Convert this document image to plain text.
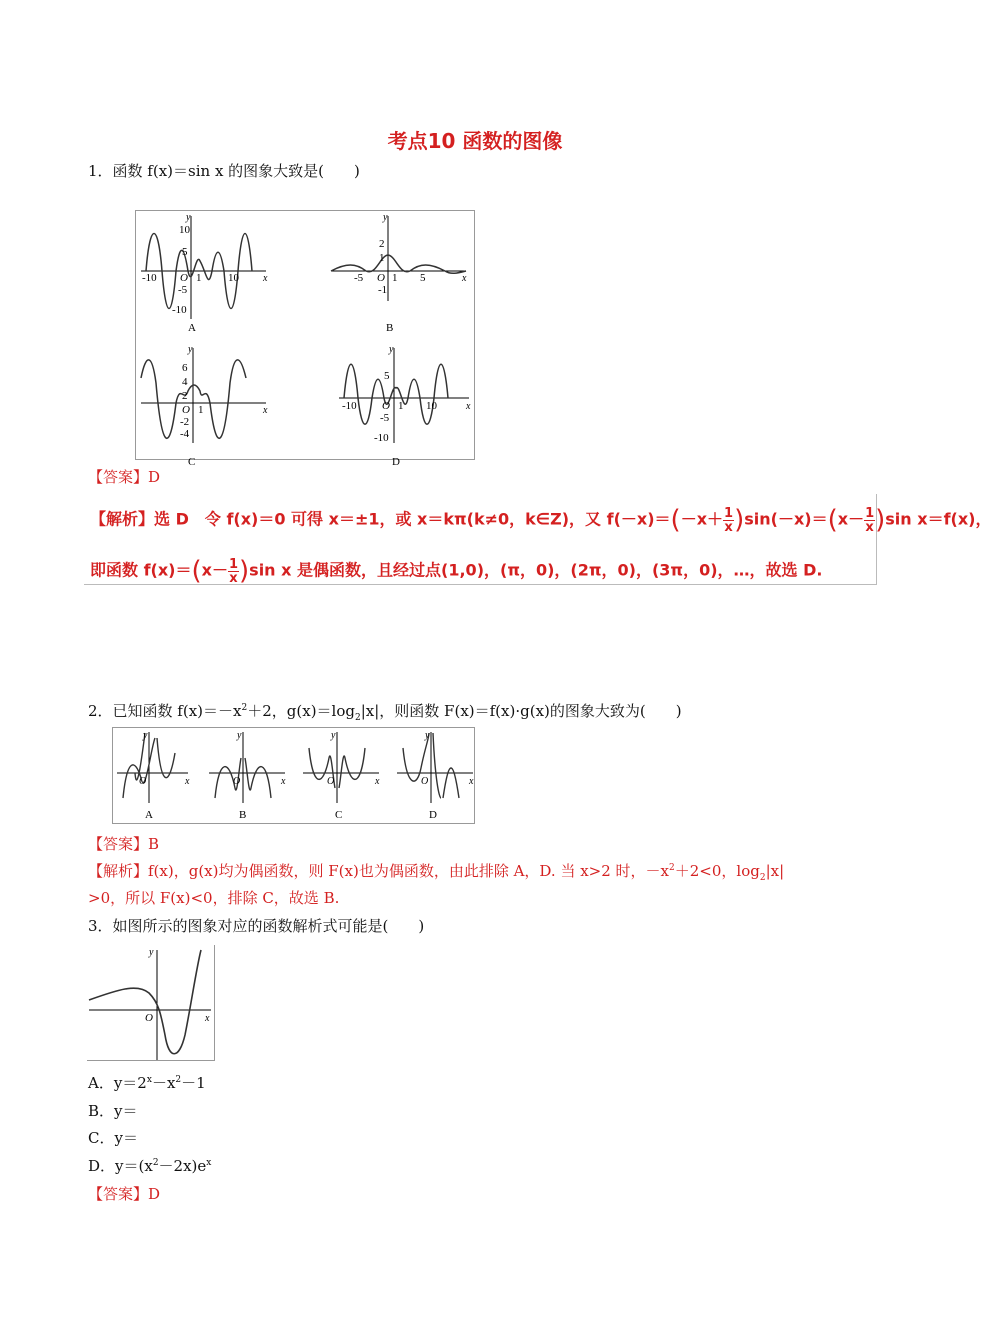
考点10 函数的图像
1．函数 f(x)＝sin x 的图象大致是(　　)
10
5
O 1
-5
-10
10
-10
y
x
A
2
1
-5 O 1 5
-1
y
x
B
6
4
2
O 1
-2
-4
y
x
C
5
O 1
-5
-10
10
-10
y
x
D
【答案】D
【解析】选 D　令 f(x)＝0 可得 x＝±1，或 x＝kπ(k≠0，k∈Z)，又 $f(-x)=(-x+ \frac{1}{x} )\sin(-x)=(x- \frac{1}{x} )\sin$ x＝f(x)，
即函数 $f(x)=(x- \frac{1}{x} )\sin$ x 是偶函数，且经过点(1,0)，(π，0)，(2π，0)，(3π，0)，…，故选 D.
2．已知函数 $f(x)=-x^2+2$，$g(x)=\log_2|x|$，则函数 F(x)＝f(x)·g(x)的图象大致为(　　)
O
y
x
A
O
y
x
B
O
y
x
C
O
y
x
D
【答案】B
【解析】f(x)，g(x)均为偶函数，则 F(x)也为偶函数，由此排除 A，D. 当 x>2 时，$-x^2+2<0$，$\log_2|x|$
>0，所以 F(x)<0，排除 C，故选 B.
3．如图所示的图象对应的函数解析式可能是(　　)
O
y
x
A．$y=2^x-x^2-1$
B．y＝
C．y＝
D．$y=(x^2-2x)e^x$
【答案】D
